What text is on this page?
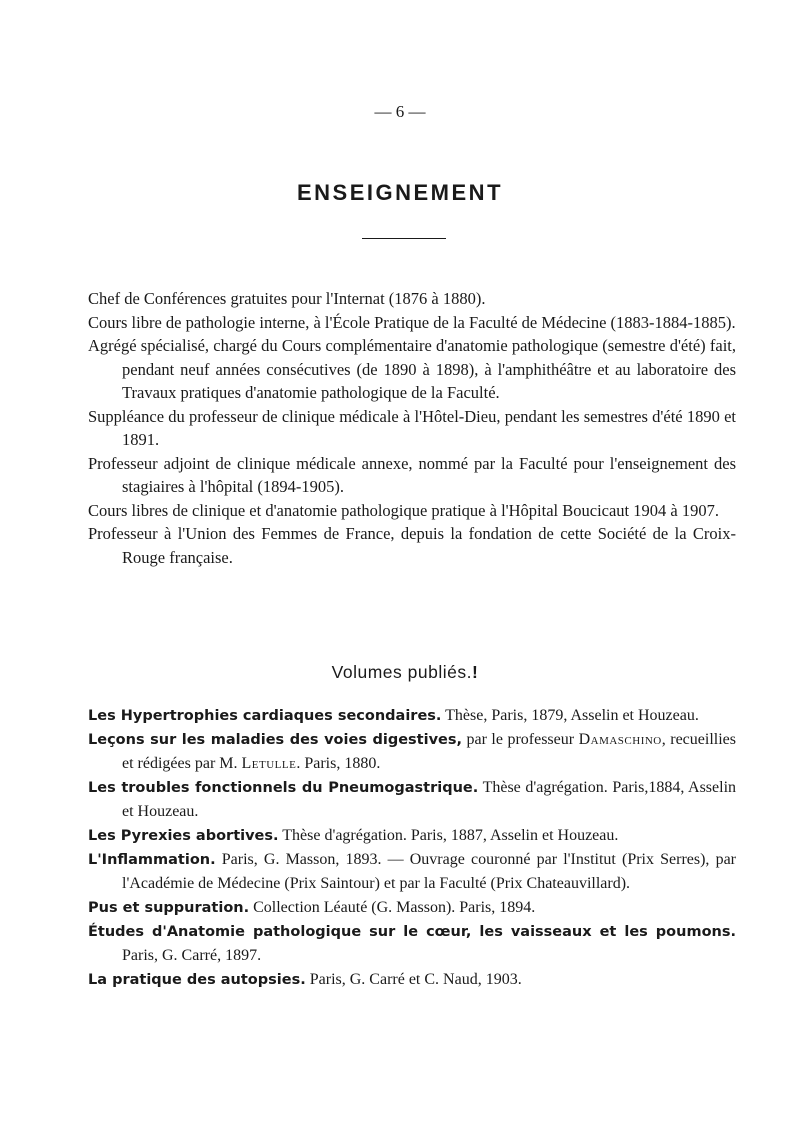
— 6 —
ENSEIGNEMENT
Chef de Conférences gratuites pour l'Internat (1876 à 1880).
Cours libre de pathologie interne, à l'École Pratique de la Faculté de Médecine (1883-1884-1885).
Agrégé spécialisé, chargé du Cours complémentaire d'anatomie pathologique (semestre d'été) fait, pendant neuf années consécutives (de 1890 à 1898), à l'amphithéâtre et au laboratoire des Travaux pratiques d'anatomie pathologique de la Faculté.
Suppléance du professeur de clinique médicale à l'Hôtel-Dieu, pendant les semestres d'été 1890 et 1891.
Professeur adjoint de clinique médicale annexe, nommé par la Faculté pour l'enseignement des stagiaires à l'hôpital (1894-1905).
Cours libres de clinique et d'anatomie pathologique pratique à l'Hôpital Boucicaut 1904 à 1907.
Professeur à l'Union des Femmes de France, depuis la fondation de cette Société de la Croix-Rouge française.
Volumes publiés.!
Les Hypertrophies cardiaques secondaires. Thèse, Paris, 1879, Asselin et Houzeau.
Leçons sur les maladies des voies digestives, par le professeur Damaschino, recueillies et rédigées par M. Letulle. Paris, 1880.
Les troubles fonctionnels du Pneumogastrique. Thèse d'agrégation. Paris,1884, Asselin et Houzeau.
Les Pyrexies abortives. Thèse d'agrégation. Paris, 1887, Asselin et Houzeau.
L'Inflammation. Paris, G. Masson, 1893. — Ouvrage couronné par l'Institut (Prix Serres), par l'Académie de Médecine (Prix Saintour) et par la Faculté (Prix Chateauvillard).
Pus et suppuration. Collection Léauté (G. Masson). Paris, 1894.
Études d'Anatomie pathologique sur le cœur, les vaisseaux et les poumons. Paris, G. Carré, 1897.
La pratique des autopsies. Paris, G. Carré et C. Naud, 1903.
